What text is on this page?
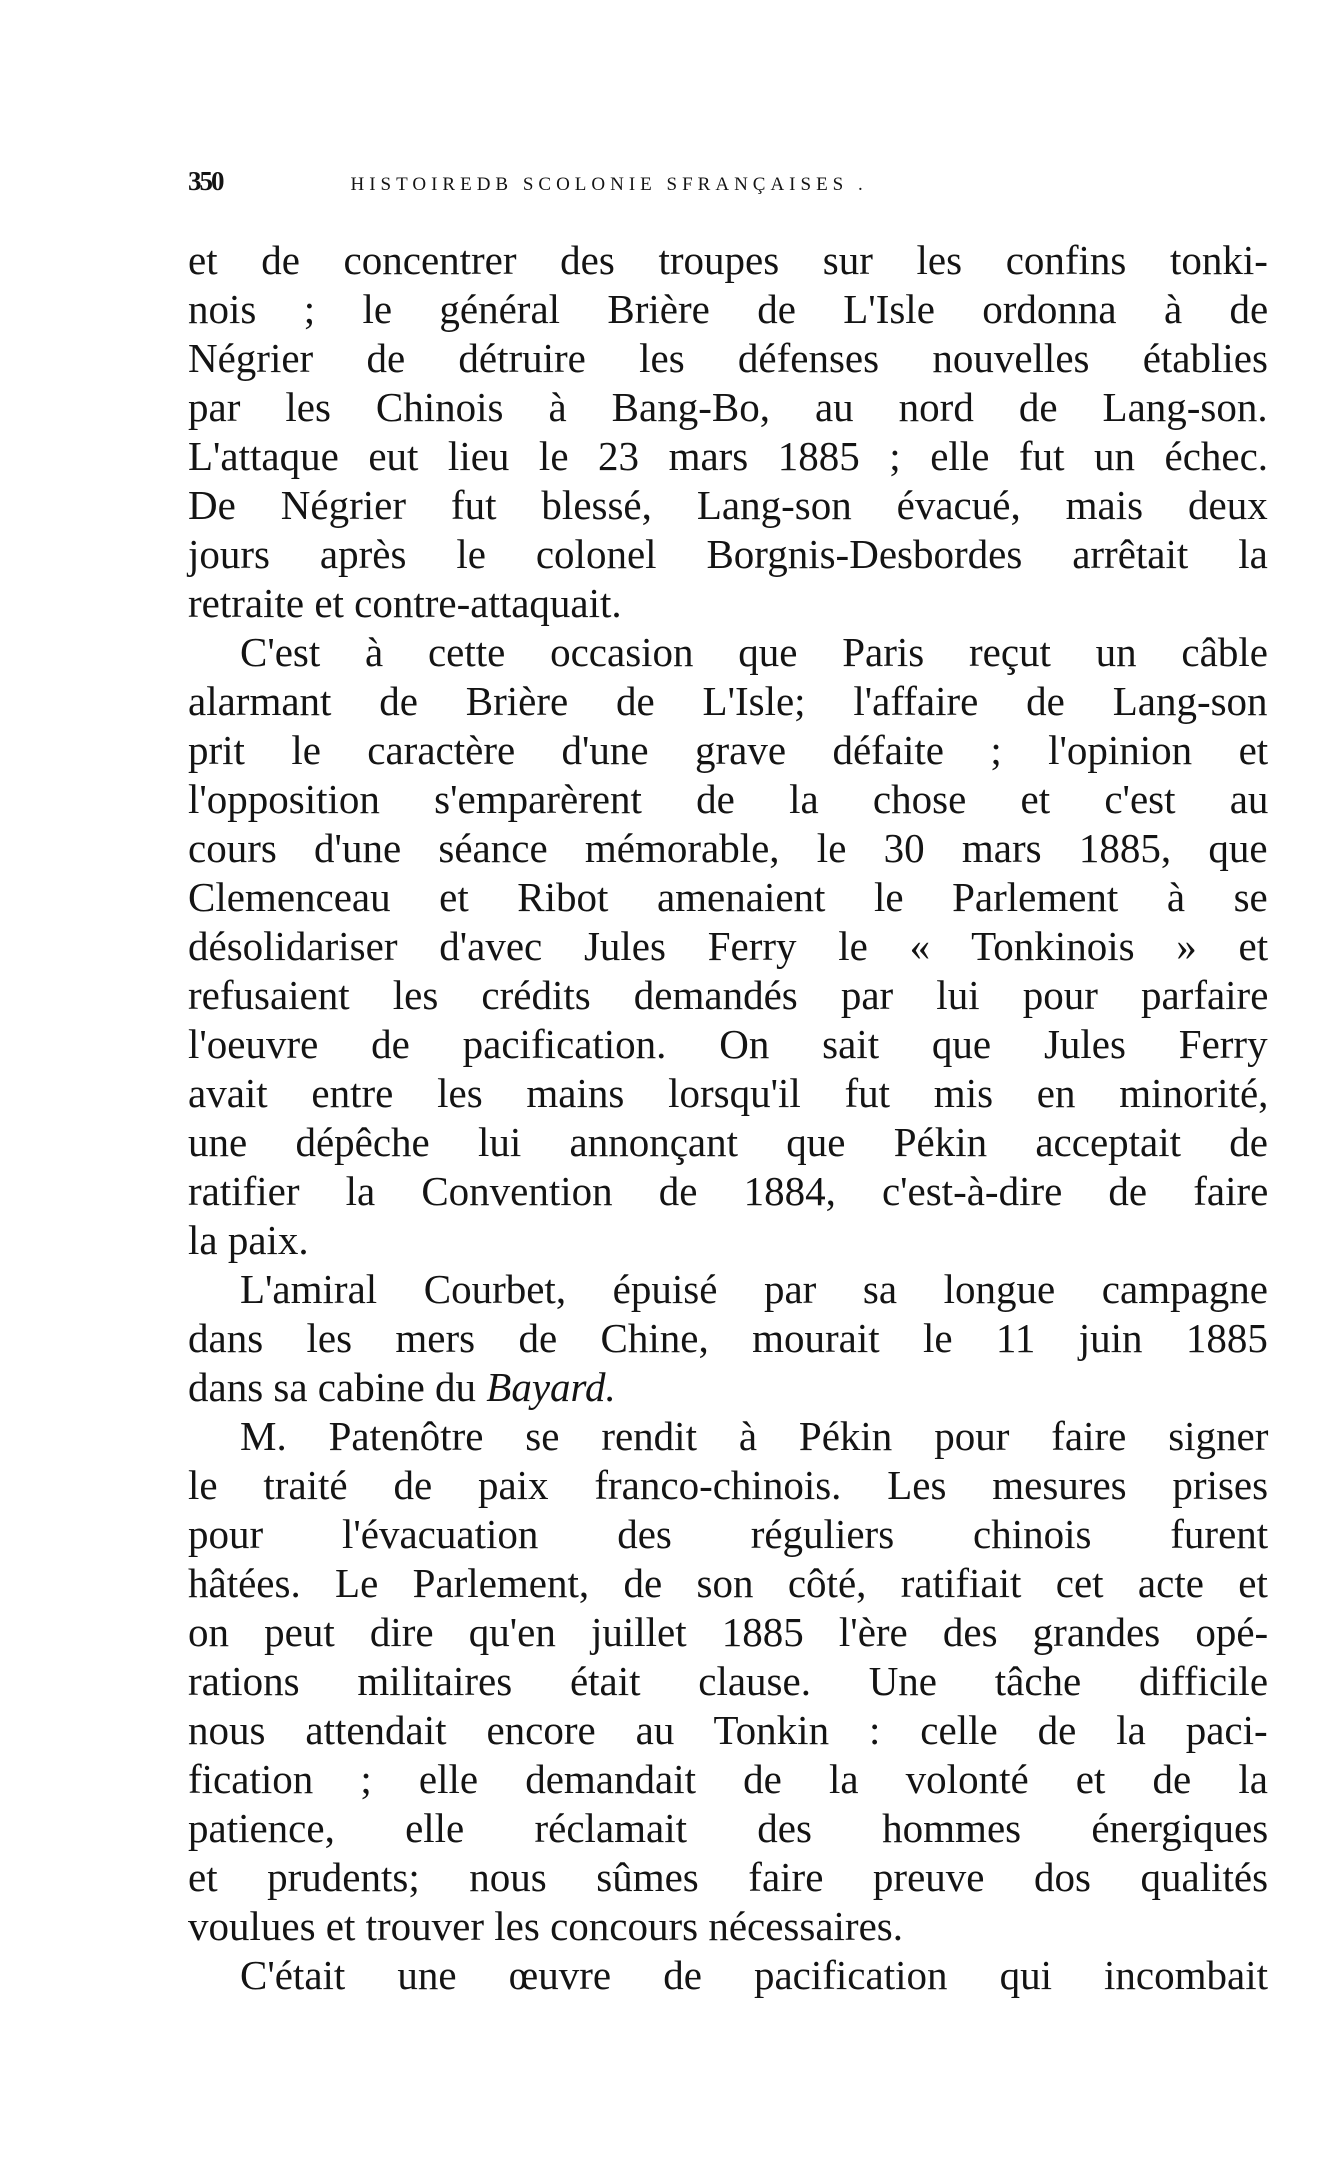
350	HISTOIREDB SCOLONIE SFRANÇAISES .
et de concentrer des troupes sur les confins tonki-
nois ; le général Brière de L'Isle ordonna à de
Négrier de détruire les défenses nouvelles établies
par les Chinois à Bang-Bo, au nord de Lang-son.
L'attaque eut lieu le 23 mars 1885 ; elle fut un échec.
De Négrier fut blessé, Lang-son évacué, mais deux
jours après le colonel Borgnis-Desbordes arrêtait la
retraite et contre-attaquait.
C'est à cette occasion que Paris reçut un câble
alarmant de Brière de L'Isle; l'affaire de Lang-son
prit le caractère d'une grave défaite ; l'opinion et
l'opposition s'emparèrent de la chose et c'est au
cours d'une séance mémorable, le 30 mars 1885, que
Clemenceau et Ribot amenaient le Parlement à se
désolidariser d'avec Jules Ferry le « Tonkinois » et
refusaient les crédits demandés par lui pour parfaire
l'oeuvre de pacification. On sait que Jules Ferry
avait entre les mains lorsqu'il fut mis en minorité,
une dépêche lui annonçant que Pékin acceptait de
ratifier la Convention de 1884, c'est-à-dire de faire
la paix.
L'amiral Courbet, épuisé par sa longue campagne
dans les mers de Chine, mourait le 11 juin 1885
dans sa cabine du Bayard.
M. Patenôtre se rendit à Pékin pour faire signer
le traité de paix franco-chinois. Les mesures prises
pour l'évacuation des réguliers chinois furent
hâtées. Le Parlement, de son côté, ratifiait cet acte et
on peut dire qu'en juillet 1885 l'ère des grandes opé-
rations militaires était clause. Une tâche difficile
nous attendait encore au Tonkin : celle de la paci-
fication ; elle demandait de la volonté et de la
patience, elle réclamait des hommes énergiques
et prudents; nous sûmes faire preuve dos qualités
voulues et trouver les concours nécessaires.
C'était une œuvre de pacification qui incombait
